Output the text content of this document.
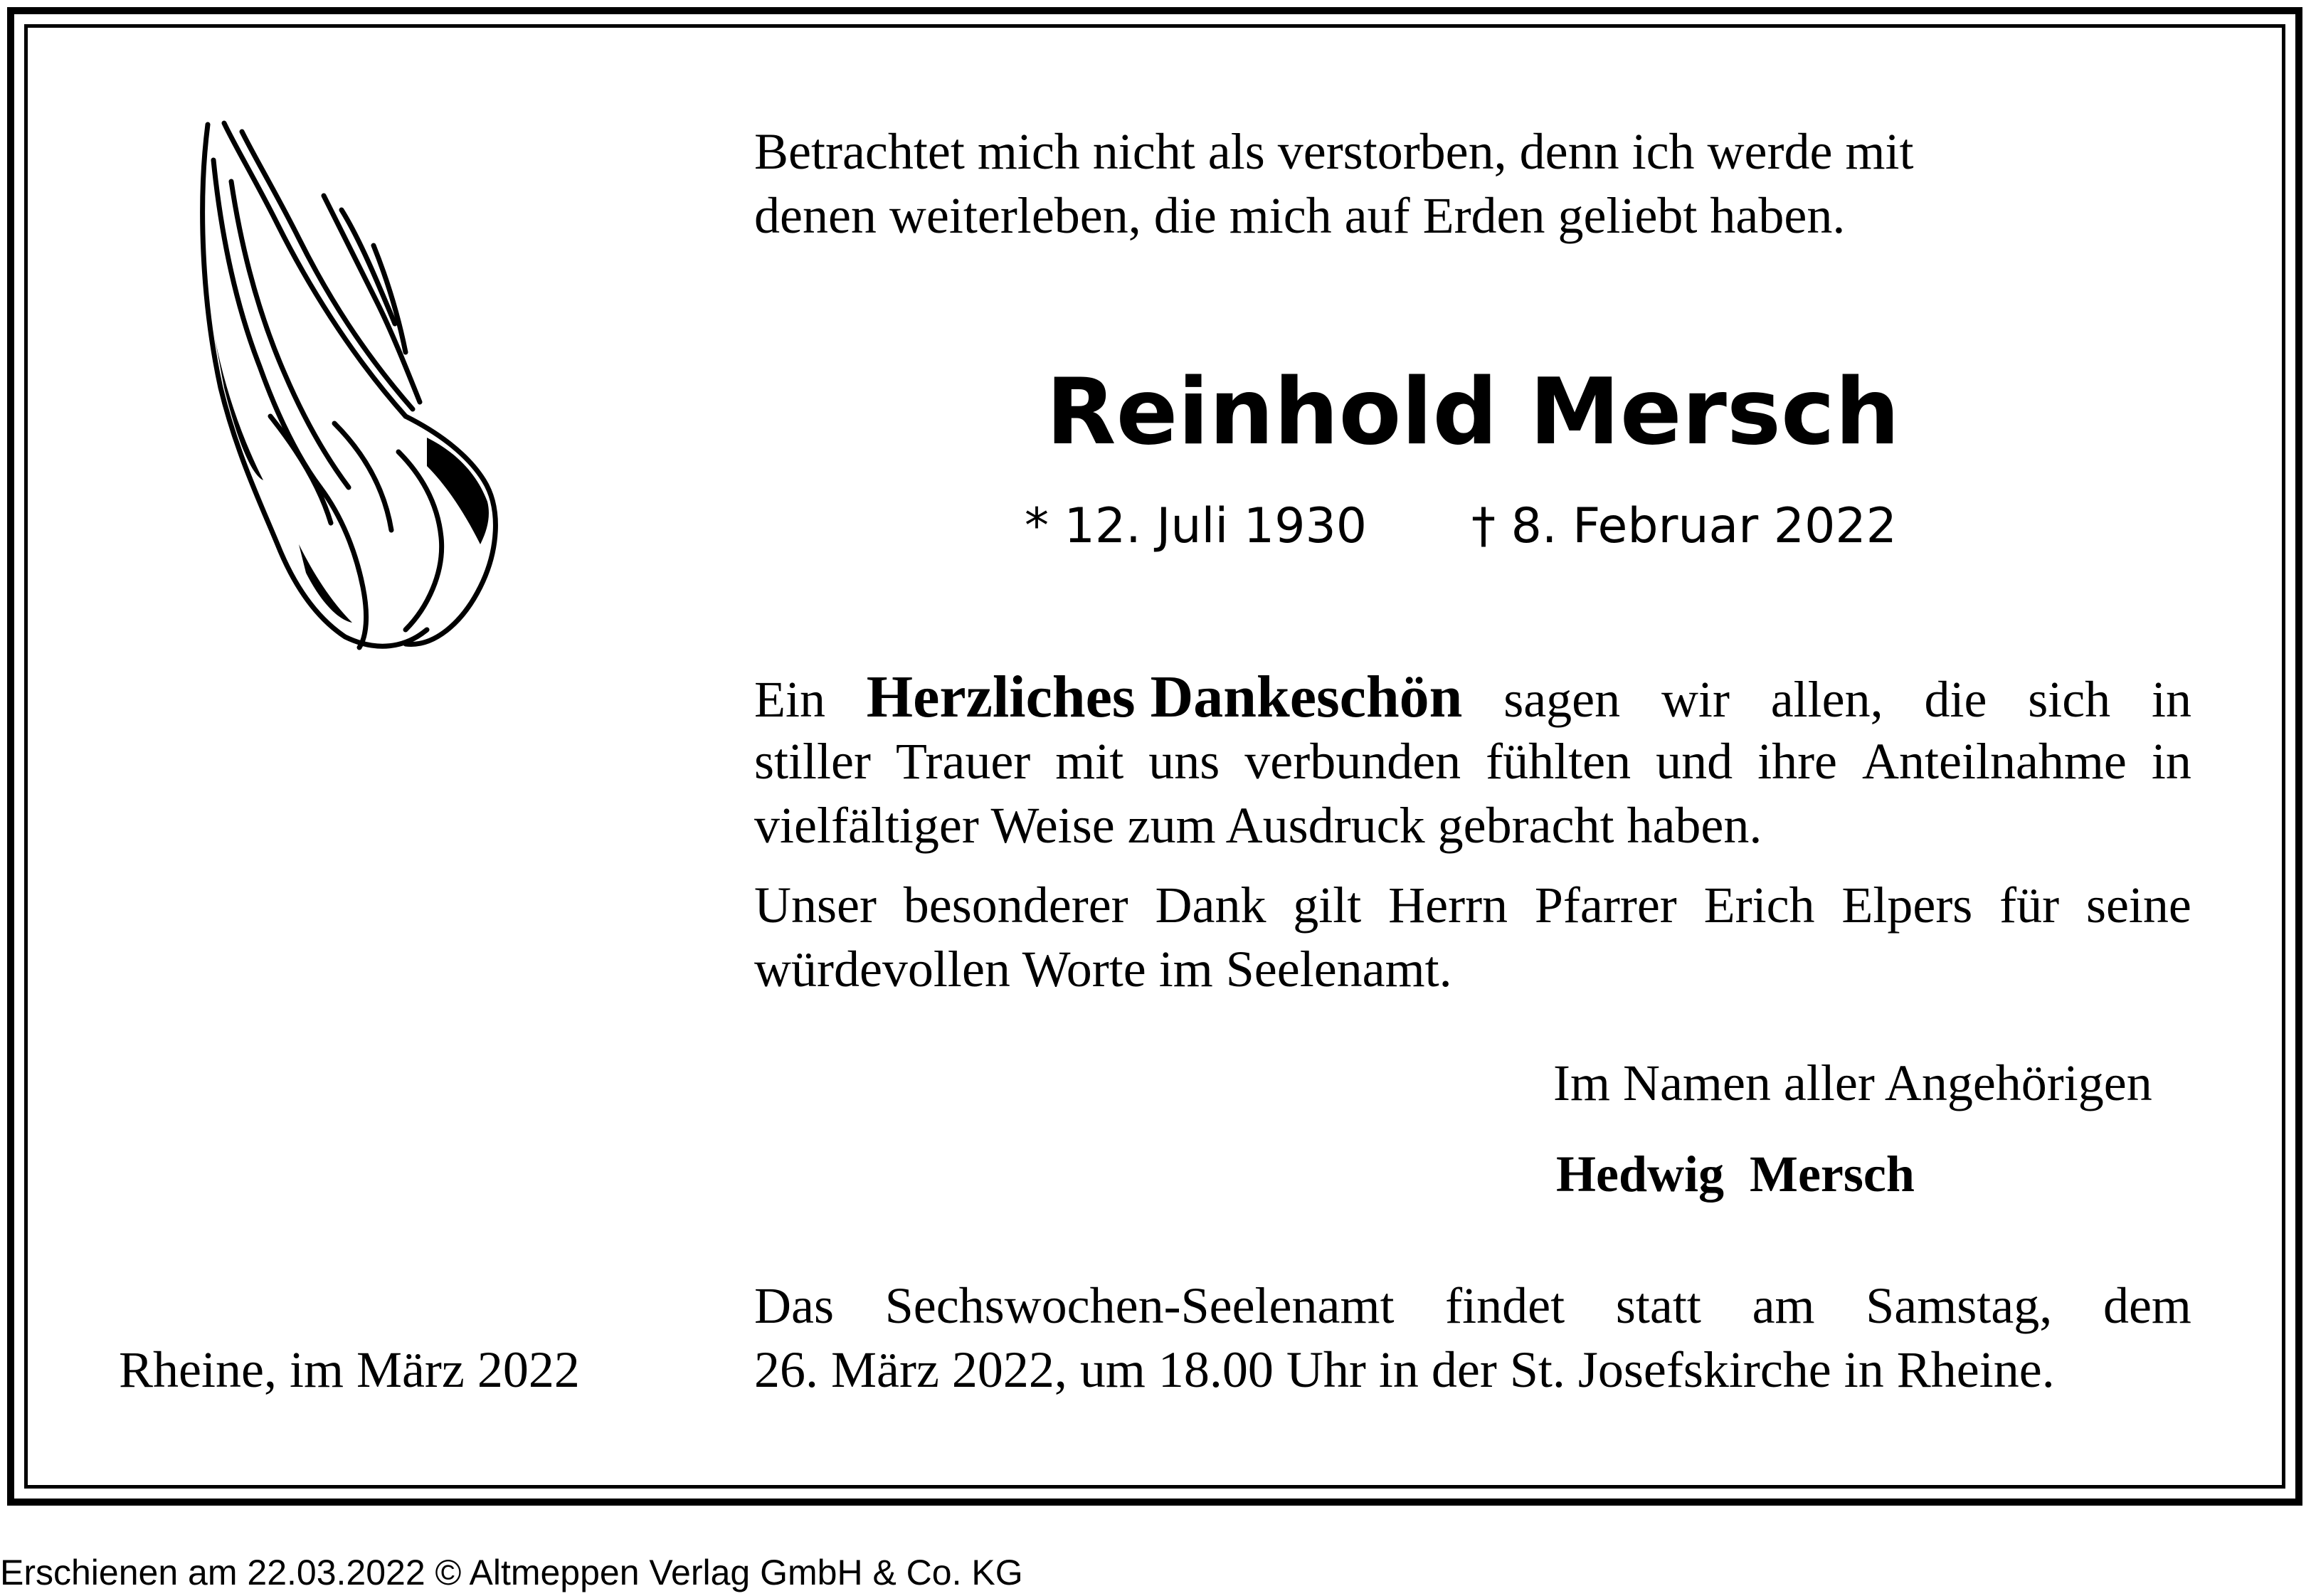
Betrachtet mich nicht als verstorben, denn ich werde mit
denen weiterleben, die mich auf Erden geliebt haben.
Reinhold Mersch
* 12. Juli 1930 † 8. Februar 2022
Ein Herzliches Dankeschön sagen wir allen, die sich in
stiller Trauer mit uns verbunden fühlten und ihre Anteilnahme in
vielfältiger Weise zum Ausdruck gebracht haben.
Unser besonderer Dank gilt Herrn Pfarrer Erich Elpers für seine
würdevollen Worte im Seelenamt.
Im Namen aller Angehörigen
Hedwig  Mersch
Rheine, im März 2022
Das Sechswochen-Seelenamt findet statt am Samstag, dem
26. März 2022, um 18.00 Uhr in der St. Josefskirche in Rheine.
Erschienen am 22.03.2022 © Altmeppen Verlag GmbH & Co. KG
